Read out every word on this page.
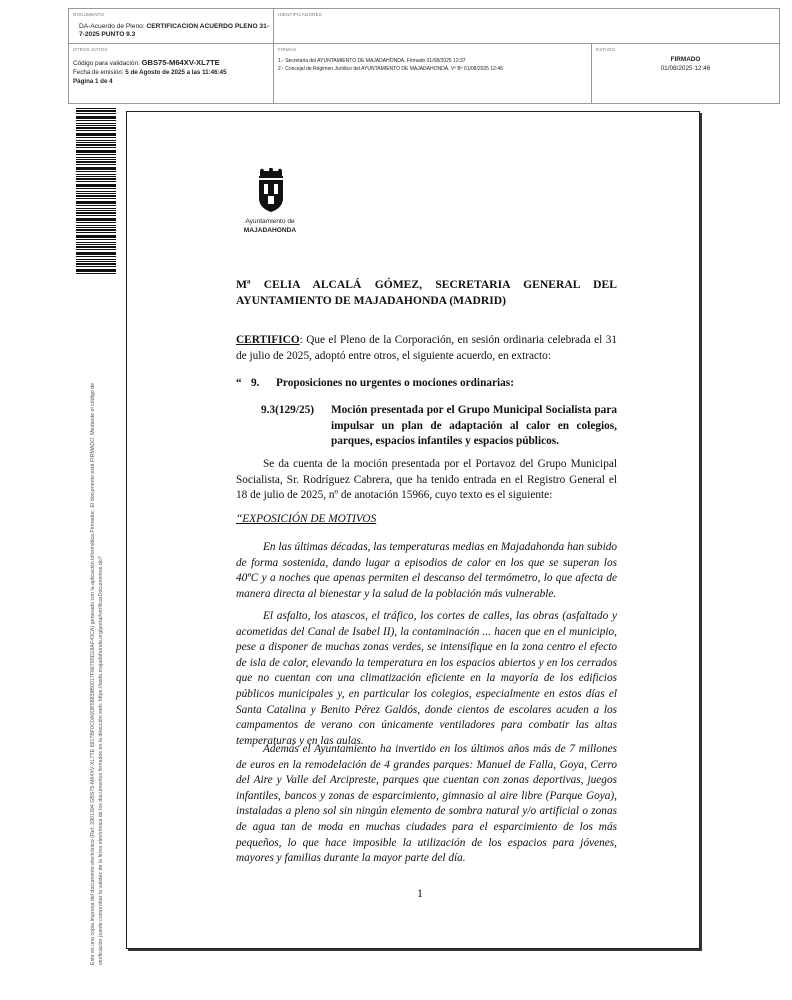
DOCUMENTO
DA-Acuerdo de Pleno: CERTIFICACION ACUERDO PLENO 31-7-2025 PUNTO 9.3
IDENTIFICADORES
OTROS DATOS
Código para validación: GBS75-M64XV-XL7TE
Fecha de emisión: 5 de Agosto de 2025 a las 11:46:45
Página 1 de 4
FIRMAS
1.- Secretaria del AYUNTAMIENTO DE MAJADAHONDA. Firmado 01/08/2025 12:37
2.- Concejal de Régimen Jurídico del AYUNTAMIENTO DE MAJADAHONDA. Vº Bº 01/08/2025 12:46
ESTADO
FIRMADO
01/08/2025 12:46
Este es una copia impresa del documento electrónico (Ref: 2901394 GBS75-M64XV-XL7TE 6917BF0C0A0DB58839B0017F66765D18AF43CA) generado con la aplicación informática Firmadoc. El documento está FIRMADO. Mediante el código de verificación puede comprobar la validez de la firma electrónica de los documentos firmados en la dirección web: https://sede.majadahonda.org/portal/verificarDocumentos.do?
Ayuntamiento de
MAJADAHONDA
Mª CELIA ALCALÁ GÓMEZ, SECRETARIA GENERAL DEL AYUNTAMIENTO DE MAJADAHONDA (MADRID)
CERTIFICO: Que el Pleno de la Corporación, en sesión ordinaria celebrada el 31 de julio de 2025, adoptó entre otros, el siguiente acuerdo, en extracto:
“ 9. Proposiciones no urgentes o mociones ordinarias:
9.3(129/25) Moción presentada por el Grupo Municipal Socialista para impulsar un plan de adaptación al calor en colegios, parques, espacios infantiles y espacios públicos.
Se da cuenta de la moción presentada por el Portavoz del Grupo Municipal Socialista, Sr. Rodríguez Cabrera, que ha tenido entrada en el Registro General el 18 de julio de 2025, nº de anotación 15966, cuyo texto es el siguiente:
“EXPOSICIÓN DE MOTIVOS
En las últimas décadas, las temperaturas medias en Majadahonda han subido de forma sostenida, dando lugar a episodios de calor en los que se superan los 40ºC y a noches que apenas permiten el descanso del termómetro, lo que afecta de manera directa al bienestar y la salud de la población más vulnerable.
El asfalto, los atascos, el tráfico, los cortes de calles, las obras (asfaltado y acometidas del Canal de Isabel II), la contaminación ... hacen que en el municipio, pese a disponer de muchas zonas verdes, se intensifique en la zona centro el efecto de isla de calor, elevando la temperatura en los espacios abiertos y en los cerrados que no cuentan con una climatización eficiente en la mayoría de los edificios públicos municipales y, en particular los colegios, especialmente en estos días el Santa Catalina y Benito Pérez Galdós, donde cientos de escolares acuden a los campamentos de verano con únicamente ventiladores para combatir las altas temperaturas y en las aulas.
Además el Ayuntamiento ha invertido en los últimos años más de 7 millones de euros en la remodelación de 4 grandes parques: Manuel de Falla, Goya, Cerro del Aire y Valle del Arcipreste, parques que cuentan con zonas deportivas, juegos infantiles, bancos y zonas de esparcimiento, gimnasio al aire libre (Parque Goya), instaladas a pleno sol sin ningún elemento de sombra natural y/o artificial o zonas de agua tan de moda en muchas ciudades para el esparcimiento de los más pequeños, lo que hace imposible la utilización de los espacios para jóvenes, mayores y familias durante la mayor parte del día.
1
